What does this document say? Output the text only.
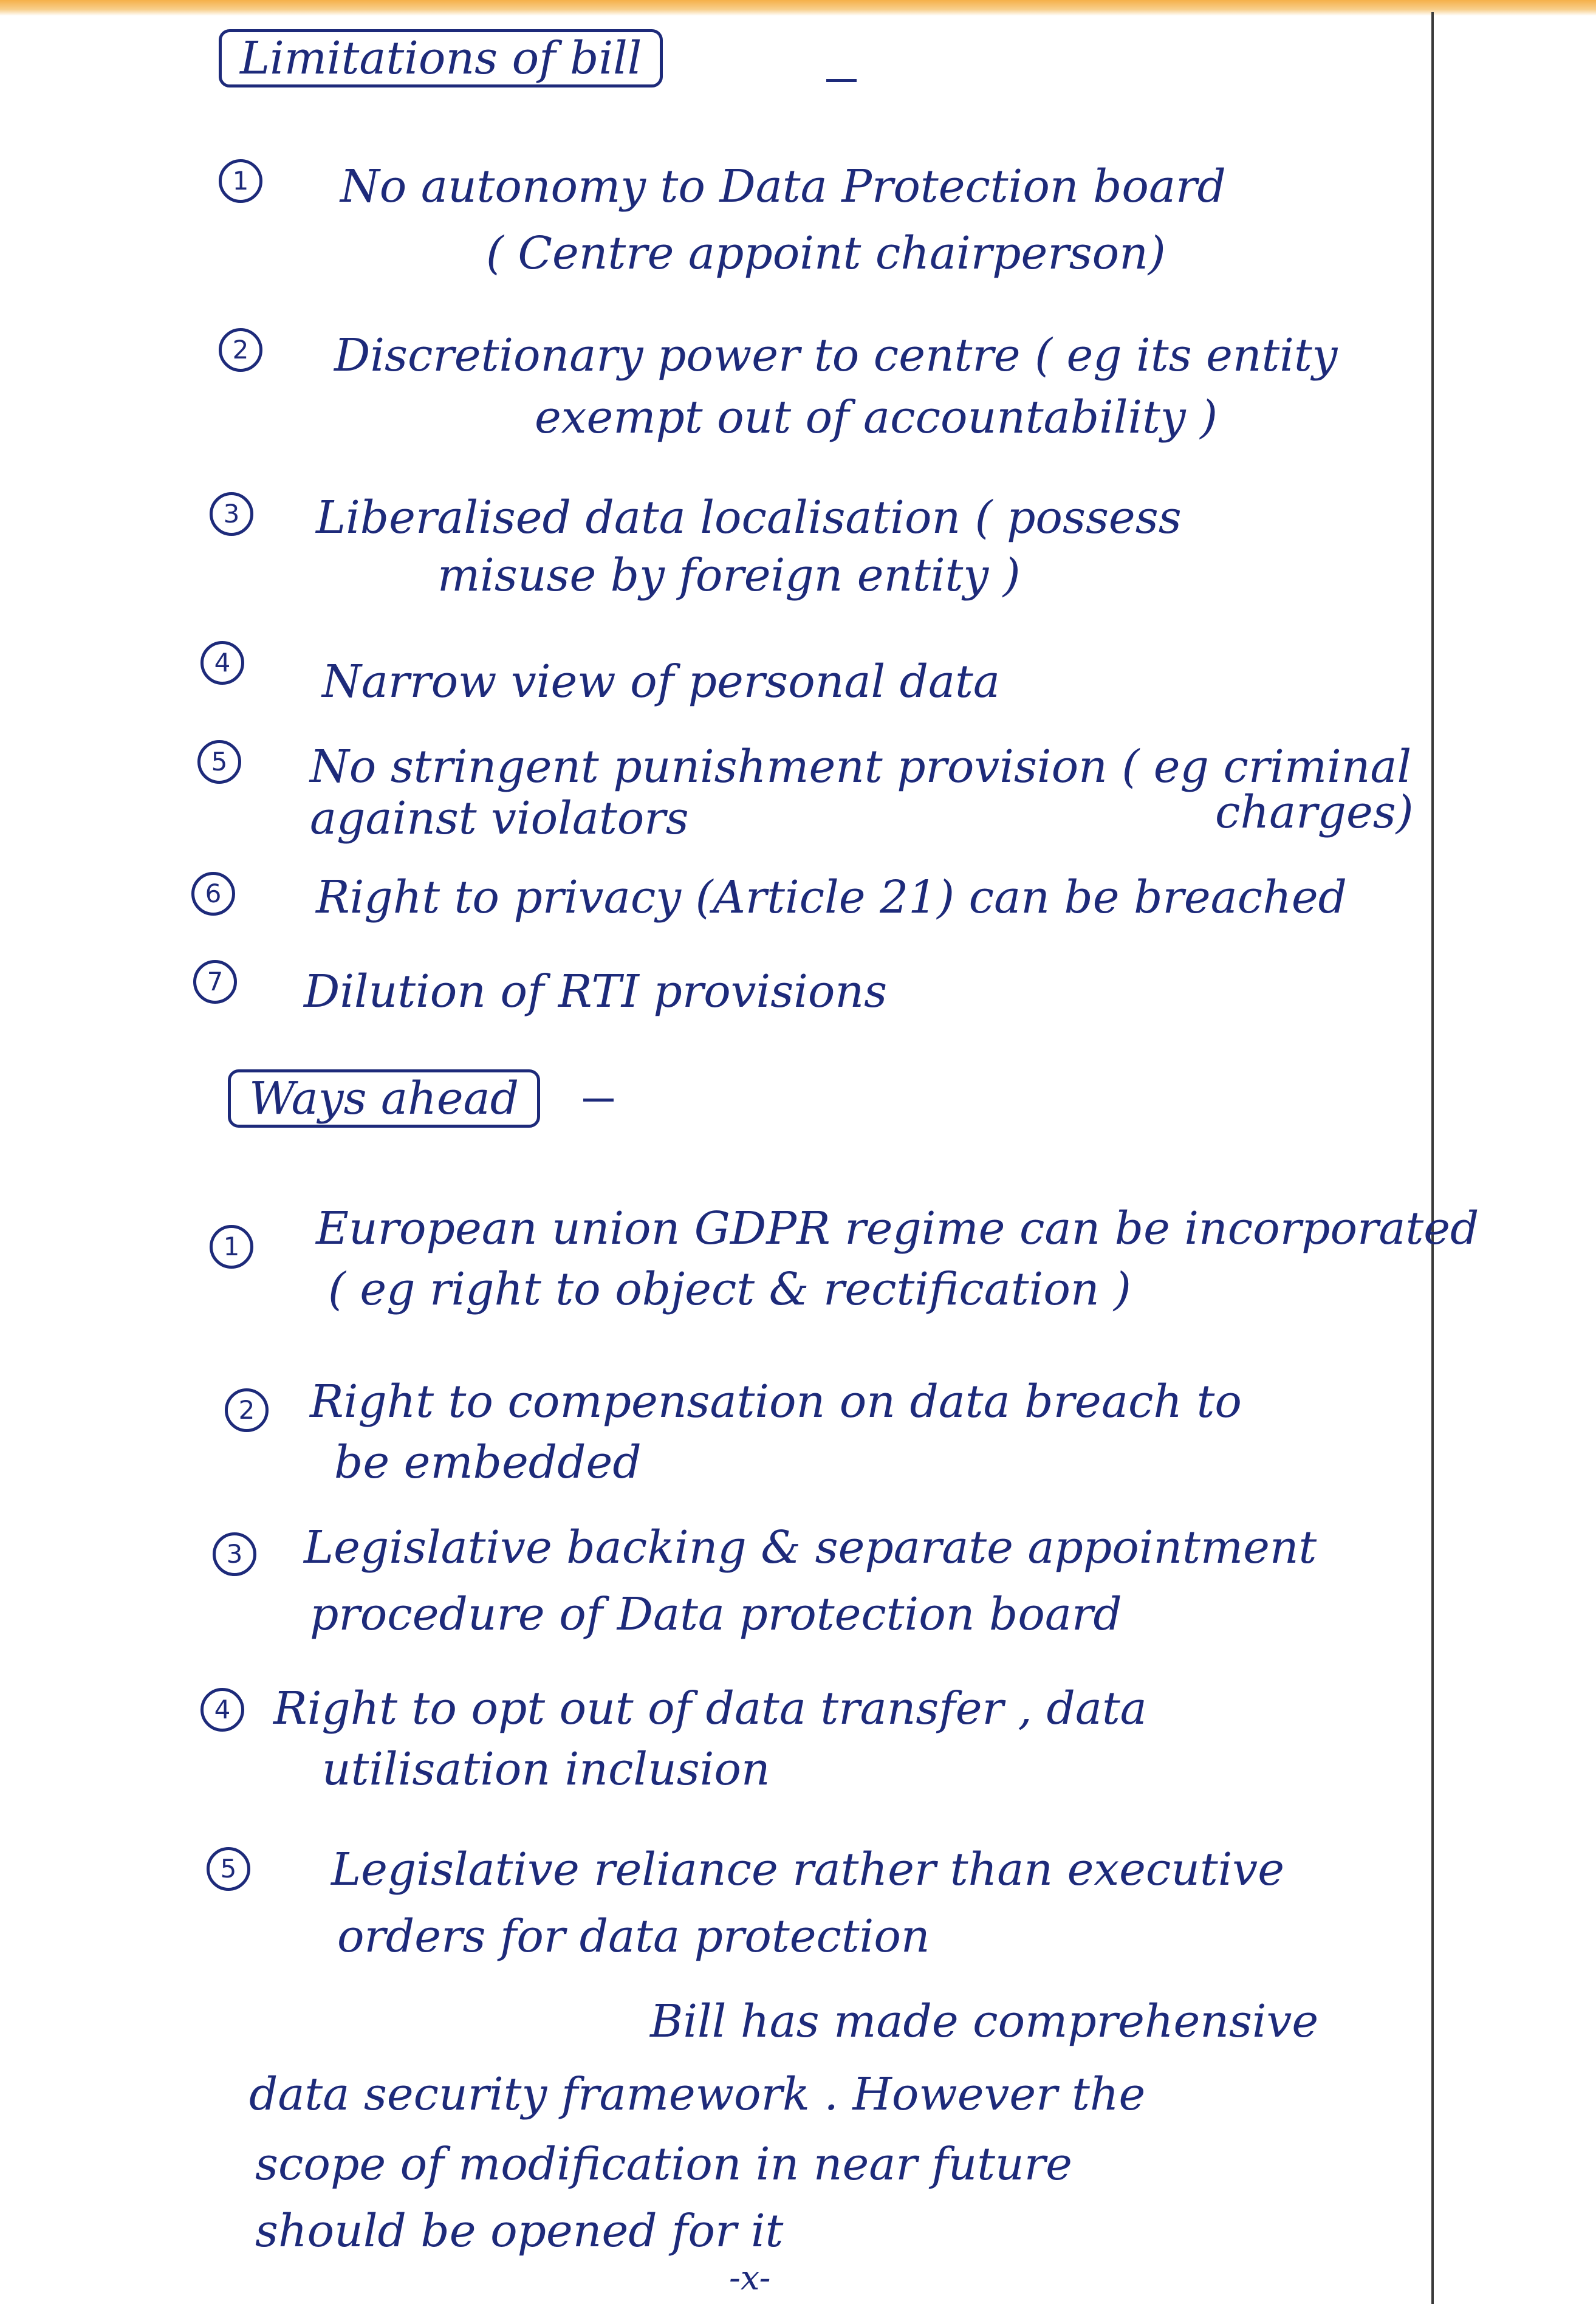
Limitations of bill
1	No autonomy to Data Protection board
( Centre appoint chairperson)
2	Discretionary power to centre ( eg its entity
exempt out of accountability )
3	Liberalised data localisation ( possess
misuse by foreign entity )
4	Narrow view of personal data
5	No stringent punishment provision ( eg criminal
against violators	charges)
6	Right to privacy (Article 21) can be breached
7	Dilution of RTI provisions
Ways ahead
1	European union GDPR regime can be incorporated
( eg right to object & rectification )
2	Right to compensation on data breach to
be embedded
3	Legislative backing & separate appointment
procedure of Data protection board
4 Right to opt out of data transfer , data
utilisation inclusion
5	Legislative reliance rather than executive
orders for data protection
Bill has made comprehensive
data security framework . However the
scope of modification in near future
should be opened for it
-x-
